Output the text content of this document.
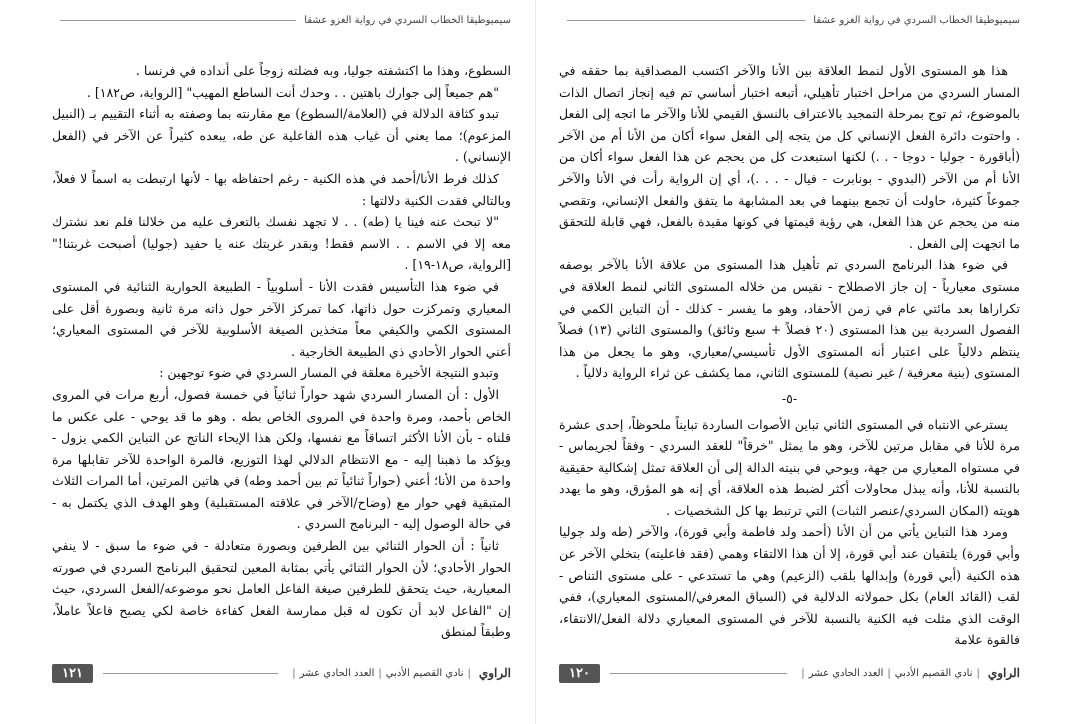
سيميوطيقا الخطاب السردي في رواية الغزو عشقا

السطوع، وهذا ما اكتشفته جوليا، وبه فضلته زوجاً على أنداده في فرنسا .

"هم جميعاً إلى جوارك باهتين . . وحدك أنت الساطع المهيب" [الرواية، ص١٨٢] .

تبدو كثافة الدلالة في (العلامة/السطوع) مع مقارنته بما وصفته به أثناء التقييم بـ (النبيل المزعوم)؛ مما يعني أن غياب هذه الفاعلية عن طه، يبعده كثيراً عن الآخر في (الفعل الإنساني) .

كذلك فرط الأنا/أحمد في هذه الكنية - رغم احتفاظه بها - لأنها ارتبطت به اسماً لا فعلاً، وبالتالي فقدت الكنية دلالتها :

"لا تبحث عنه فينا يا (طه) . . لا تجهد نفسك بالتعرف عليه من خلالنا فلم نعد نشترك معه إلا في الاسم . . الاسم فقط! وبقدر غربتك عنه يا حفيد (جوليا) أصبحت غربتنا!" [الرواية، ص١٨-١٩] .

في ضوء هذا التأسيس فقدت الأنا - أسلوبياً - الطبيعة الحوارية الثنائية في المستوى المعياري وتمركزت حول ذاتها، كما تمركز الآخر حول ذاته مرة ثانية وبصورة أقل على المستوى الكمي والكيفي معاً متخذين الصيغة الأسلوبية للآخر في المستوى المعياري؛ أعني الحوار الأحادي ذي الطبيعة الخارجية .

وتبدو النتيجة الأخيرة معلقة في المسار السردي في ضوء توجهين :

الأول : أن المسار السردي شهد حواراً ثنائياً في خمسة فصول، أربع مرات في المروى الخاص بأحمد، ومرة واحدة في المروى الخاص بطه . وهو ما قد يوحي - على عكس ما قلناه - بأن الأنا الأكثر اتساقاً مع نفسها، ولكن هذا الإيحاء الناتج عن التباين الكمي يزول - ويؤكد ما ذهبنا إليه - مع الانتظام الدلالي لهذا التوزيع، فالمرة الواحدة للآخر تقابلها مرة واحدة من الأنا؛ أعني (حواراً ثنائياً تم بين أحمد وطه) في هاتين المرتين، أما المرات الثلاث المتبقية فهي حوار مع (وضاح/الآخر في علاقته المستقبلية) وهو الهدف الذي يكتمل به - في حالة الوصول إليه - البرنامج السردي .

ثانياً : أن الحوار الثنائي بين الطرفين وبصورة متعادلة - في ضوء ما سبق - لا ينفي الحوار الأحادي؛ لأن الحوار الثنائي يأتي بمثابة المعين لتحقيق البرنامج السردي في صورته المعيارية، حيث يتحقق للطرفين صيغة الفاعل العامل نحو موضوعه/الفعل السردي، حيث إن "الفاعل لابد أن تكون له قبل ممارسة الفعل كفاءة خاصة لكي يصبح فاعلاً عاملاً، وطبقاً لمنطق

الراوي
|
نادي القصيم الأدبي
|
العدد الحادي عشر
|
١٢١
سيميوطيقا الخطاب السردي في رواية الغزو عشقا

هذا هو المستوى الأول لنمط العلاقة بين الأنا والآخر اكتسب المصداقية بما حققه في المسار السردي من مراحل اختبار تأهيلي، أتبعه اختبار أساسي تم فيه إنجاز اتصال الذات بالموضوع، ثم توج بمرحلة التمجيد بالاعتراف بالنسق القيمي للأنا والآخر ما اتجه إلى الفعل . واحتوت دائرة الفعل الإنساني كل من يتجه إلى الفعل سواء أكان من الأنا أم من الآخر (أباقورة - جوليا - دوجا - . .) لكنها استبعدت كل من يحجم عن هذا الفعل سواء أكان من الأنا أم من الآخر (البدوي - بونابرت - فيال - . . .)، أي إن الرواية رأت في الأنا والآخر جموعاً كثيرة، حاولت أن تجمع بينهما في بعد المشابهة ما يتفق والفعل الإنساني، وتقصي منه من يحجم عن هذا الفعل، هي رؤية قيمتها في كونها مقيدة بالفعل، فهي قابلة للتحقق ما اتجهت إلى الفعل .

في ضوء هذا البرنامج السردي تم تأهيل هذا المستوى من علاقة الأنا بالآخر بوصفه مستوى معيارياً - إن جاز الاصطلاح - نقيس من خلاله المستوى الثاني لنمط العلاقة في تكراراها بعد مائتي عام في زمن الأحفاد، وهو ما يفسر - كذلك - أن التباين الكمي في الفصول السردية بين هذا المستوى (٢٠ فصلاً + سبع وثائق) والمستوى الثاني (١٣) فصلاً ينتظم دلالياً على اعتبار أنه المستوى الأول تأسيسي/معياري، وهو ما يجعل من هذا المستوى (بنية معرفية / غير نصية) للمستوى الثاني، مما يكشف عن ثراء الرواية دلالياً .

-٥-

يسترعي الانتباه في المستوى الثاني تباين الأصوات الساردة تبايناً ملحوظاً، إحدى عشرة مرة للأنا في مقابل مرتين للآخر، وهو ما يمثل "خرقاً" للعقد السردي - وفقاً لجريماس - في مستواه المعياري من جهة، ويوحي في بنيته الدالة إلى أن العلاقة تمثل إشكالية حقيقية بالنسبة للأنا، وأنه يبذل محاولات أكثر لضبط هذه العلاقة، أي إنه هو المؤرق، وهو ما يهدد هويته (المكان السردي/عنصر الثبات) التي ترتبط بها كل الشخصيات .

ومرد هذا التباين يأتي من أن الأنا (أحمد ولد فاطمة وأبي قورة)، والآخر (طه ولد جوليا وأبي قورة) يلتقيان عند أبي قورة، إلا أن هذا الالتقاء وهمي (فقد فاعليته) بتخلي الآخر عن هذه الكنية (أبي قورة) وإبدالها بلقب (الزعيم) وهي ما تستدعي - على مستوى التناص - لقب (القائد العام) بكل حمولاته الدلالية في (السياق المعرفي/المستوى المعياري)، ففي الوقت الذي مثلت فيه الكنية بالنسبة للآخر في المستوى المعياري دلالة الفعل/الانتقاء، فالقوة علامة

الراوي
|
نادي القصيم الأدبي
|
العدد الحادي عشر
|
١٢٠
